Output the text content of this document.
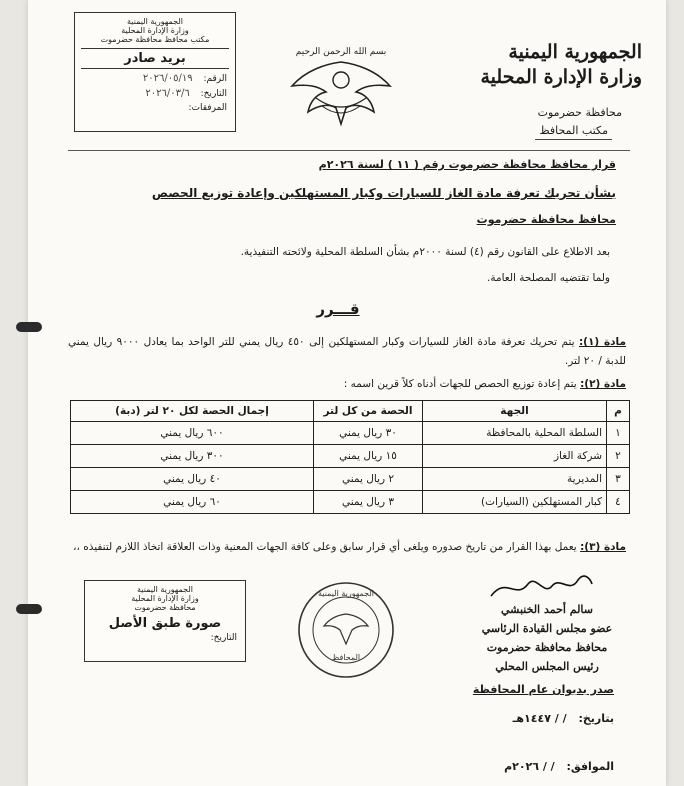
الجمهورية اليمنية
وزارة الإدارة المحلية
محافظة حضرموت
مكتب المحافظ
بسم الله الرحمن الرحيم
الجمهورية اليمنية
وزارة الإدارة المحلية
مكتب محافظ محافظة حضرموت
بريد صادر
الرقم: ٢٠٢٦/٠٥/١٩
التاريخ: ٢٠٢٦/٠٣/٦
المرفقات:
قرار محافظ محافظة حضرموت رقم ( ١١ ) لسنة ٢٠٢٦م
بشأن تحريك تعرفة مادة الغاز للسيارات وكبار المستهلكين وإعادة توزيع الحصص
محافظ محافظة حضرموت
بعد الاطلاع على القانون رقم (٤) لسنة ٢٠٠٠م بشأن السلطة المحلية ولائحته التنفيذية.
ولما تقتضيه المصلحة العامة.
قـــرر
مادة (١): يتم تحريك تعرفة مادة الغاز للسيارات وكبار المستهلكين إلى ٤٥٠ ريال يمني للتر الواحد بما يعادل ٩٠٠٠ ريال يمني للدبة / ٢٠ لتر.
مادة (٢): يتم إعادة توزيع الحصص للجهات أدناه كلاً قرين اسمه :
م	الجهة	الحصة من كل لتر	إجمال الحصة لكل ٢٠ لتر (دبة)
١	السلطة المحلية بالمحافظة	٣٠ ريال يمني	٦٠٠ ريال يمني
٢	شركة الغاز	١٥ ريال يمني	٣٠٠ ريال يمني
٣	المديرية	٢ ريال يمني	٤٠ ريال يمني
٤	كبار المستهلكين (السيارات)	٣ ريال يمني	٦٠ ريال يمني
مادة (٣): يعمل بهذا القرار من تاريخ صدوره ويلغى أي قرار سابق وعلى كافة الجهات المعنية وذات العلاقة اتخاذ اللازم لتنفيذه ،،
الجمهورية اليمنية
وزارة الإدارة المحلية
محافظة حضرموت
صورة طبق الأصل
التاريخ:
الجمهورية اليمنية
المحافظ
سالم أحمد الخنبشي
عضو مجلس القيادة الرئاسي
محافظ محافظة حضرموت
رئيس المجلس المحلي
صدر بديوان عام المحافظة
بتاريخ: / / ١٤٤٧هـ
الموافق: / / ٢٠٢٦م
